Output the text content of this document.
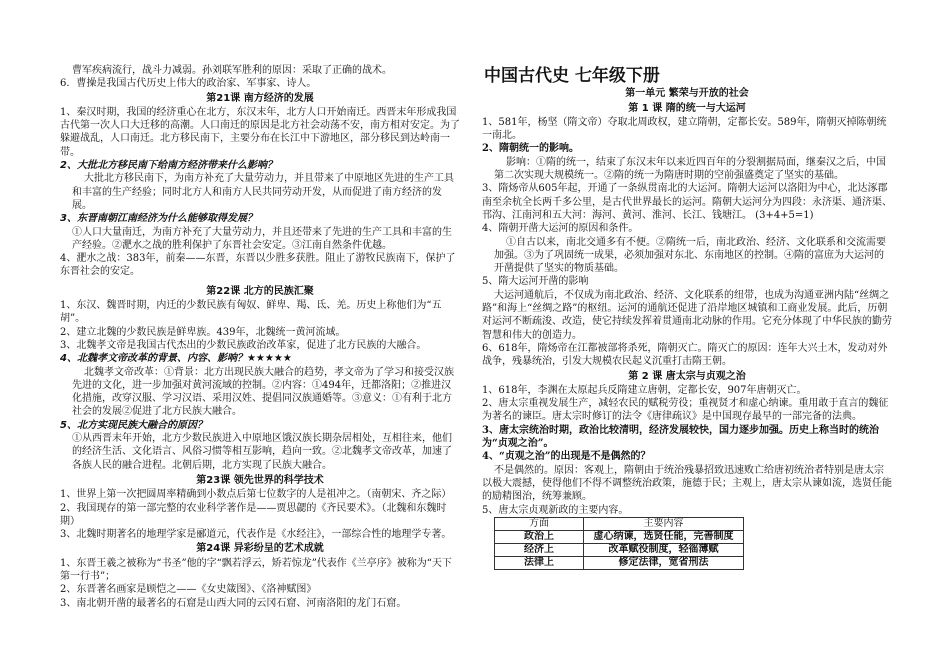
曹军疾病流行，战斗力减弱。孙刘联军胜利的原因：采取了正确的战术。

6．曹操是我国古代历史上伟大的政治家、军事家、诗人。

第21课 南方经济的发展

1、秦汉时期，我国的经济重心在北方，东汉末年，北方人口开始南迁。西晋末年形成我国古代第一次人口大迁移的高潮。人口南迁的原因是北方社会动荡不安，南方相对安定。为了躲避战乱，人口南迁。北方移民南下，主要分布在长江中下游地区，部分移民到达岭南一带。

2、大批北方移民南下给南方经济带来什么影响？

大批北方移民南下，为南方补充了大量劳动力，并且带来了中原地区先进的生产工具和丰富的生产经验；同时北方人和南方人民共同劳动开发，从而促进了南方经济的发展。

3、东晋南朝江南经济为什么能够取得发展？

①人口大量南迁，为南方补充了大量劳动力，并且还带来了先进的生产工具和丰富的生产经验。②淝水之战的胜利保护了东晋社会安定。③江南自然条件优越。

4、淝水之战：383年，前秦——东晋，东晋以少胜多获胜。阻止了游牧民族南下，保护了东晋社会的安定。

第22课 北方的民族汇聚

1、东汉、魏晋时期，内迁的少数民族有匈奴、鲜卑、羯、氐、羌。历史上称他们为“五胡”。

2、建立北魏的少数民族是鲜卑族。439年，北魏统一黄河流域。

3、北魏孝文帝是我国古代杰出的少数民族政治改革家，促进了北方民族的大融合。

4、北魏孝文帝改革的背景、内容、影响？★★★★★

北魏孝文帝改革：①背景：北方出现民族大融合的趋势，孝文帝为了学习和接受汉族先进的文化，进一步加强对黄河流域的控制。②内容：①494年，迁都洛阳；②推进汉化措施，改穿汉服、学习汉语、采用汉姓、提倡同汉族通婚等。③意义：①有利于北方社会的发展②促进了北方民族大融合。

5、北方实现民族大融合的原因？

①从西晋末年开始，北方少数民族进入中原地区饿汉族长期杂居相处，互相往来，他们的经济生活、文化语言、风俗习惯等相互影响，趋向一致。②北魏孝文帝改革，加速了各族人民的融合进程。北朝后期，北方实现了民族大融合。

第23课 领先世界的科学技术

1、世界上第一次把圆周率精确到小数点后第七位数字的人是祖冲之。（南朝宋、齐之际）

2、我国现存的第一部完整的农业科学著作是——贾思勰的《齐民要术》。（北魏和东魏时期）

3、北魏时期著名的地理学家是郦道元，代表作是《水经注》，一部综合性的地理学专著。

第24课 异彩纷呈的艺术成就

1、东晋王羲之被称为“书圣”他的字“飘若浮云，矫若惊龙”代表作《兰亭序》被称为“天下第一行书”；

2、东晋著名画家是顾恺之——《女史箴图》、《洛神赋图》

3、南北朝开凿的最著名的石窟是山西大同的云冈石窟、河南洛阳的龙门石窟。

中国古代史 七年级下册

第一单元 繁荣与开放的社会

第 1 课 隋的统一与大运河

1、581年，杨坚（隋文帝）夺取北周政权，建立隋朝，定都长安。589年，隋朝灭掉陈朝统一南北。

2、隋朝统一的影响。

影响：①隋的统一，结束了东汉末年以来近四百年的分裂割据局面，继秦汉之后，中国第二次实现大规模统一。②隋的统一为隋唐时期的空前强盛奠定了坚实的基础。

3、隋炀帝从605年起，开通了一条纵贯南北的大运河。隋朝大运河以洛阳为中心，北达涿郡南至余杭全长两千多公里，是古代世界最长的运河。隋朝大运河分为四段：永济渠、通济渠、邗沟、江南河和五大河：海河、黄河、淮河、长江、钱塘江。 (3+4+5=1)

4、隋朝开凿大运河的原因和条件。

①自古以来，南北交通多有不便。②隋统一后，南北政治、经济、文化联系和交流需要加强。③为了巩固统一成果，必须加强对东北、东南地区的控制。④隋的富庶为大运河的开凿提供了坚实的物质基础。

5、隋大运河开凿的影响

大运河通航后，不仅成为南北政治、经济、文化联系的纽带，也成为沟通亚洲内陆“丝绸之路”和海上“丝绸之路”的枢纽。运河的通航还促进了沿岸地区城镇和工商业发展。此后，历朝对运河不断疏浚、改造，使它持续发挥着贯通南北动脉的作用。它充分体现了中华民族的勤劳智慧和伟大的创造力。

6、618年，隋炀帝在江都被部将杀死，隋朝灭亡。隋灭亡的原因：连年大兴土木，发动对外战争，残暴统治，引发大规模农民起义沉重打击隋王朝。

第 2 课 唐太宗与贞观之治

1、618年，李渊在太原起兵反隋建立唐朝，定都长安，907年唐朝灭亡。

2、唐太宗重视发展生产，减轻农民的赋税劳役；重视贤才和虚心纳谏。重用敢于直言的魏征为著名的谏臣。唐太宗时修订的法令《唐律疏议》是中国现存最早的一部完备的法典。

3、唐太宗统治时期，政治比较清明，经济发展较快，国力逐步加强。历史上称当时的统治为“贞观之治”。

4、“贞观之治”的出现是不是偶然的？

不是偶然的。原因：客观上，隋朝由于统治残暴招致迅速败亡给唐初统治者特别是唐太宗以极大震撼，使得他们不得不调整统治政策，施德于民；主观上，唐太宗从谏如流，选贤任能的励精图治，统筹兼顾。

5、唐太宗贞观新政的主要内容。

方面	主要内容
政治上	虚心纳谏，选贤任能，完善制度
经济上	改革赋役制度，轻徭薄赋
法律上	修定法律，宽省刑法
